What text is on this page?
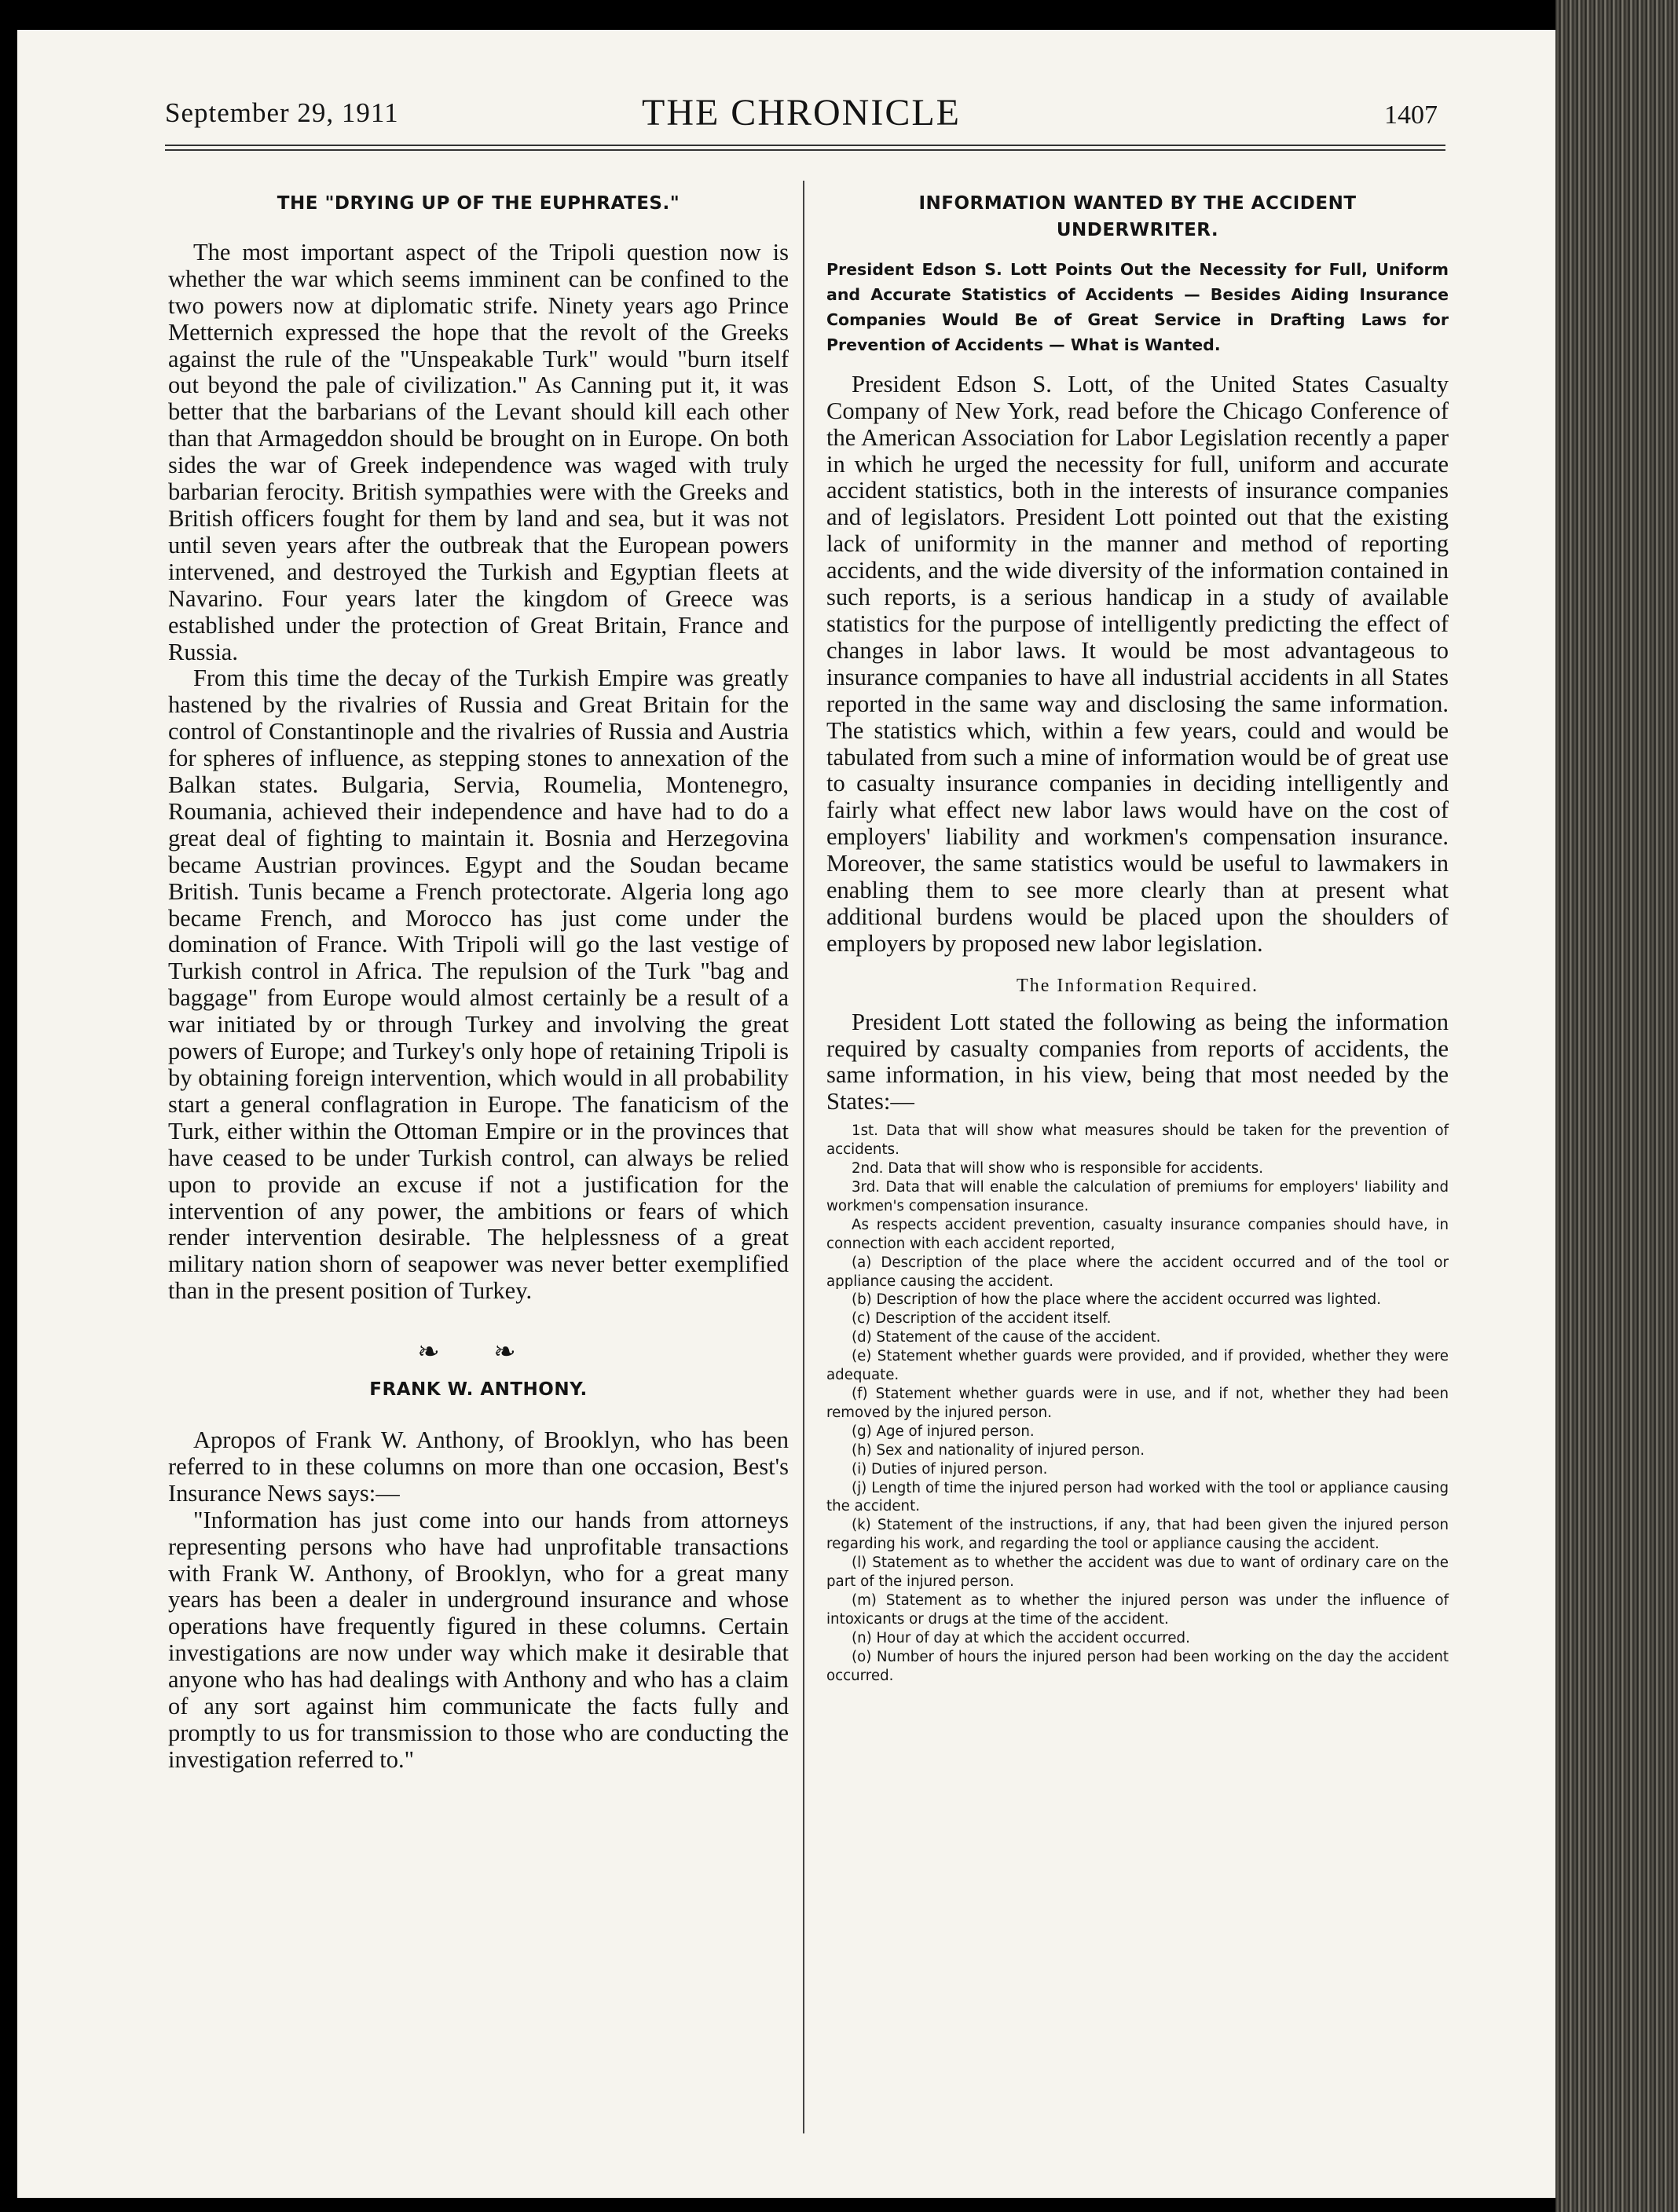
September 29, 1911	THE CHRONICLE	1407
THE "DRYING UP OF THE EUPHRATES."

The most important aspect of the Tripoli question now is whether the war which seems imminent can be confined to the two powers now at diplomatic strife. Ninety years ago Prince Metternich expressed the hope that the revolt of the Greeks against the rule of the "Unspeakable Turk" would "burn itself out beyond the pale of civilization." As Canning put it, it was better that the barbarians of the Levant should kill each other than that Armageddon should be brought on in Europe. On both sides the war of Greek independence was waged with truly barbarian ferocity. British sympathies were with the Greeks and British officers fought for them by land and sea, but it was not until seven years after the outbreak that the European powers intervened, and destroyed the Turkish and Egyptian fleets at Navarino. Four years later the kingdom of Greece was established under the protection of Great Britain, France and Russia.

From this time the decay of the Turkish Empire was greatly hastened by the rivalries of Russia and Great Britain for the control of Constantinople and the rivalries of Russia and Austria for spheres of influence, as stepping stones to annexation of the Balkan states. Bulgaria, Servia, Roumelia, Montenegro, Roumania, achieved their independence and have had to do a great deal of fighting to maintain it. Bosnia and Herzegovina became Austrian provinces. Egypt and the Soudan became British. Tunis became a French protectorate. Algeria long ago became French, and Morocco has just come under the domination of France. With Tripoli will go the last vestige of Turkish control in Africa. The repulsion of the Turk "bag and baggage" from Europe would almost certainly be a result of a war initiated by or through Turkey and involving the great powers of Europe; and Turkey's only hope of retaining Tripoli is by obtaining foreign intervention, which would in all probability start a general conflagration in Europe. The fanaticism of the Turk, either within the Ottoman Empire or in the provinces that have ceased to be under Turkish control, can always be relied upon to provide an excuse if not a justification for the intervention of any power, the ambitions or fears of which render intervention desirable. The helplessness of a great military nation shorn of seapower was never better exemplified than in the present position of Turkey.

❧ ❧
FRANK W. ANTHONY.

Apropos of Frank W. Anthony, of Brooklyn, who has been referred to in these columns on more than one occasion, Best's Insurance News says:—

"Information has just come into our hands from attorneys representing persons who have had unprofitable transactions with Frank W. Anthony, of Brooklyn, who for a great many years has been a dealer in underground insurance and whose operations have frequently figured in these columns. Certain investigations are now under way which make it desirable that anyone who has had dealings with Anthony and who has a claim of any sort against him communicate the facts fully and promptly to us for transmission to those who are conducting the investigation referred to."

INFORMATION WANTED BY THE ACCIDENT UNDERWRITER.
President Edson S. Lott Points Out the Necessity for Full, Uniform and Accurate Statistics of Accidents — Besides Aiding Insurance Companies Would Be of Great Service in Drafting Laws for Prevention of Accidents — What is Wanted.

President Edson S. Lott, of the United States Casualty Company of New York, read before the Chicago Conference of the American Association for Labor Legislation recently a paper in which he urged the necessity for full, uniform and accurate accident statistics, both in the interests of insurance companies and of legislators. President Lott pointed out that the existing lack of uniformity in the manner and method of reporting accidents, and the wide diversity of the information contained in such reports, is a serious handicap in a study of available statistics for the purpose of intelligently predicting the effect of changes in labor laws. It would be most advantageous to insurance companies to have all industrial accidents in all States reported in the same way and disclosing the same information. The statistics which, within a few years, could and would be tabulated from such a mine of information would be of great use to casualty insurance companies in deciding intelligently and fairly what effect new labor laws would have on the cost of employers' liability and workmen's compensation insurance. Moreover, the same statistics would be useful to lawmakers in enabling them to see more clearly than at present what additional burdens would be placed upon the shoulders of employers by proposed new labor legislation.

The Information Required.

President Lott stated the following as being the information required by casualty companies from reports of accidents, the same information, in his view, being that most needed by the States:—

1st. Data that will show what measures should be taken for the prevention of accidents.

2nd. Data that will show who is responsible for accidents.

3rd. Data that will enable the calculation of premiums for employers' liability and workmen's compensation insurance.

As respects accident prevention, casualty insurance companies should have, in connection with each accident reported,

(a) Description of the place where the accident occurred and of the tool or appliance causing the accident.

(b) Description of how the place where the accident occurred was lighted.

(c) Description of the accident itself.

(d) Statement of the cause of the accident.

(e) Statement whether guards were provided, and if provided, whether they were adequate.

(f) Statement whether guards were in use, and if not, whether they had been removed by the injured person.

(g) Age of injured person.

(h) Sex and nationality of injured person.

(i) Duties of injured person.

(j) Length of time the injured person had worked with the tool or appliance causing the accident.

(k) Statement of the instructions, if any, that had been given the injured person regarding his work, and regarding the tool or appliance causing the accident.

(l) Statement as to whether the accident was due to want of ordinary care on the part of the injured person.

(m) Statement as to whether the injured person was under the influence of intoxicants or drugs at the time of the accident.

(n) Hour of day at which the accident occurred.

(o) Number of hours the injured person had been working on the day the accident occurred.
